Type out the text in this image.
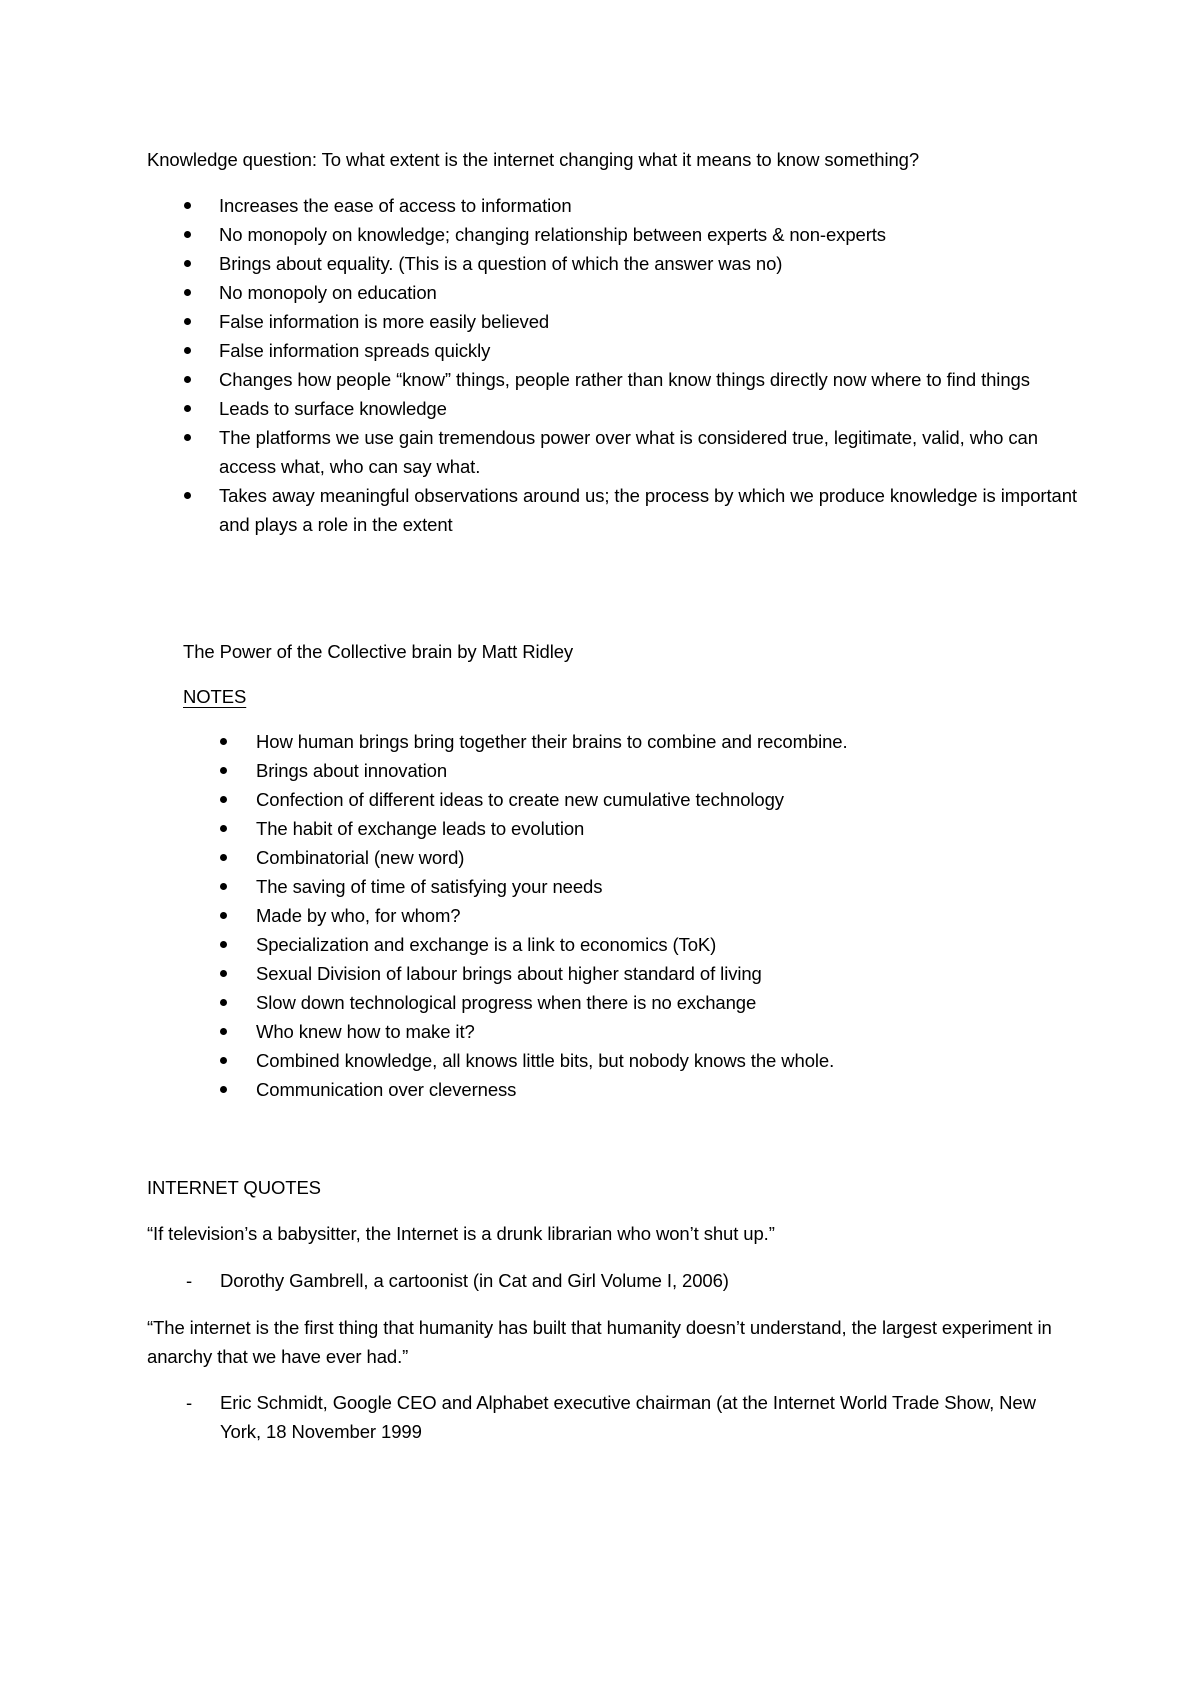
Knowledge question: To what extent is the internet changing what it means to know something?
Increases the ease of access to information
No monopoly on knowledge; changing relationship between experts & non-experts
Brings about equality. (This is a question of which the answer was no)
No monopoly on education
False information is more easily believed
False information spreads quickly
Changes how people “know” things, people rather than know things directly now where to find things
Leads to surface knowledge
The platforms we use gain tremendous power over what is considered true, legitimate, valid, who can access what, who can say what.
Takes away meaningful observations around us; the process by which we produce knowledge is important and plays a role in the extent
The Power of the Collective brain by Matt Ridley
NOTES
How human brings bring together their brains to combine and recombine.
Brings about innovation
Confection of different ideas to create new cumulative technology
The habit of exchange leads to evolution
Combinatorial (new word)
The saving of time of satisfying your needs
Made by who, for whom?
Specialization and exchange is a link to economics (ToK)
Sexual Division of labour brings about higher standard of living
Slow down technological progress when there is no exchange
Who knew how to make it?
Combined knowledge, all knows little bits, but nobody knows the whole.
Communication over cleverness
INTERNET QUOTES
“If television’s a babysitter, the Internet is a drunk librarian who won’t shut up.”
-	Dorothy Gambrell, a cartoonist (in Cat and Girl Volume I, 2006)
“The internet is the first thing that humanity has built that humanity doesn’t understand, the largest experiment in anarchy that we have ever had.”
-	Eric Schmidt, Google CEO and Alphabet executive chairman (at the Internet World Trade Show, New York, 18 November 1999
